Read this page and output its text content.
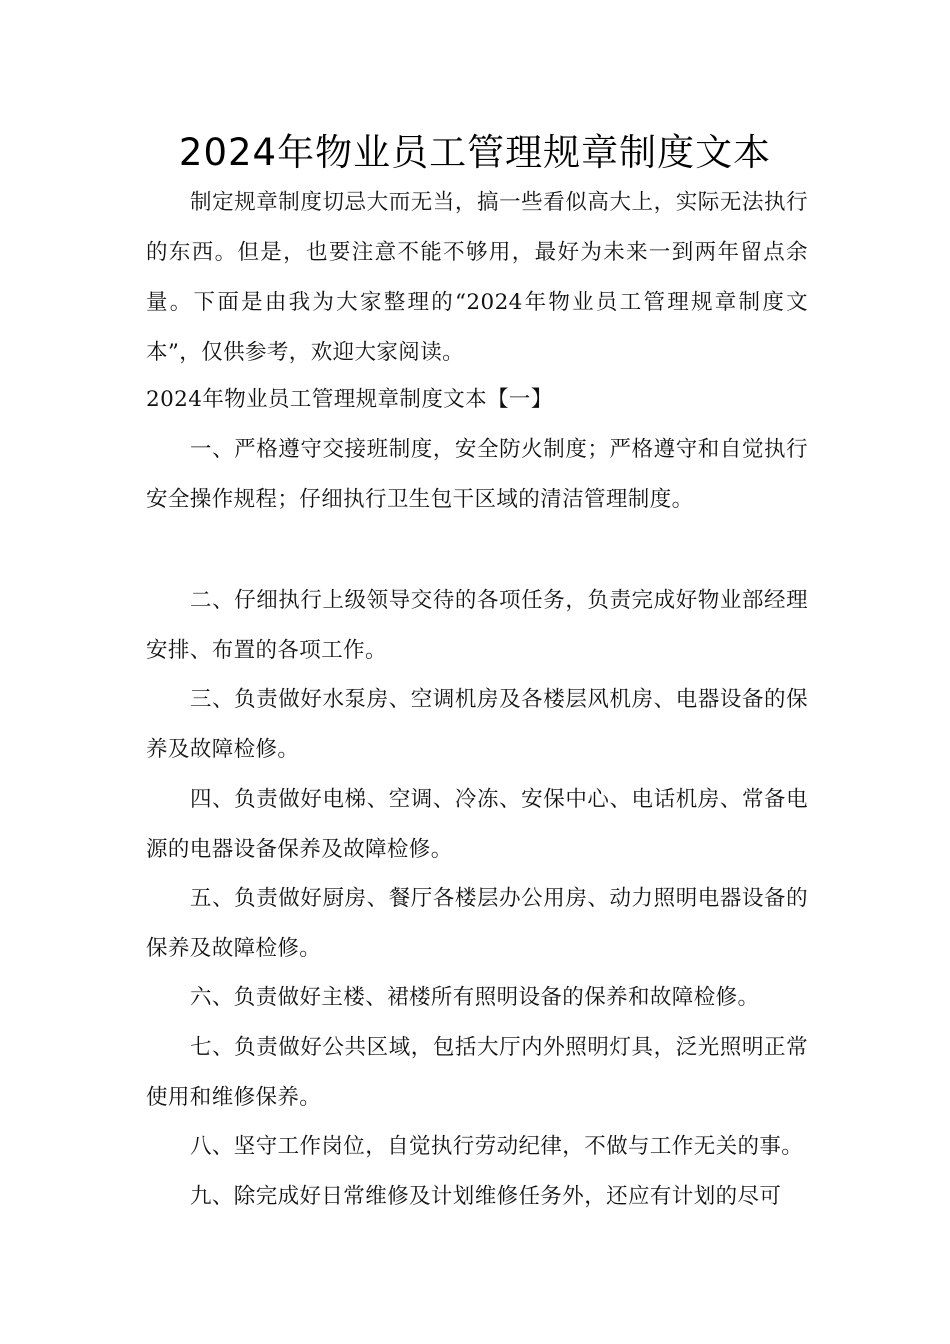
2024年物业员工管理规章制度文本
制定规章制度切忌大而无当，搞一些看似高大上，实际无法执行的东西。但是，也要注意不能不够用，最好为未来一到两年留点余量。下面是由我为大家整理的“2024年物业员工管理规章制度文本”，仅供参考，欢迎大家阅读。
2024年物业员工管理规章制度文本【一】
一、严格遵守交接班制度，安全防火制度；严格遵守和自觉执行安全操作规程；仔细执行卫生包干区域的清洁管理制度。
二、仔细执行上级领导交待的各项任务，负责完成好物业部经理安排、布置的各项工作。
三、负责做好水泵房、空调机房及各楼层风机房、电器设备的保养及故障检修。
四、负责做好电梯、空调、冷冻、安保中心、电话机房、常备电源的电器设备保养及故障检修。
五、负责做好厨房、餐厅各楼层办公用房、动力照明电器设备的保养及故障检修。
六、负责做好主楼、裙楼所有照明设备的保养和故障检修。
七、负责做好公共区域，包括大厅内外照明灯具，泛光照明正常使用和维修保养。
八、坚守工作岗位，自觉执行劳动纪律，不做与工作无关的事。
九、除完成好日常维修及计划维修任务外，还应有计划的尽可
